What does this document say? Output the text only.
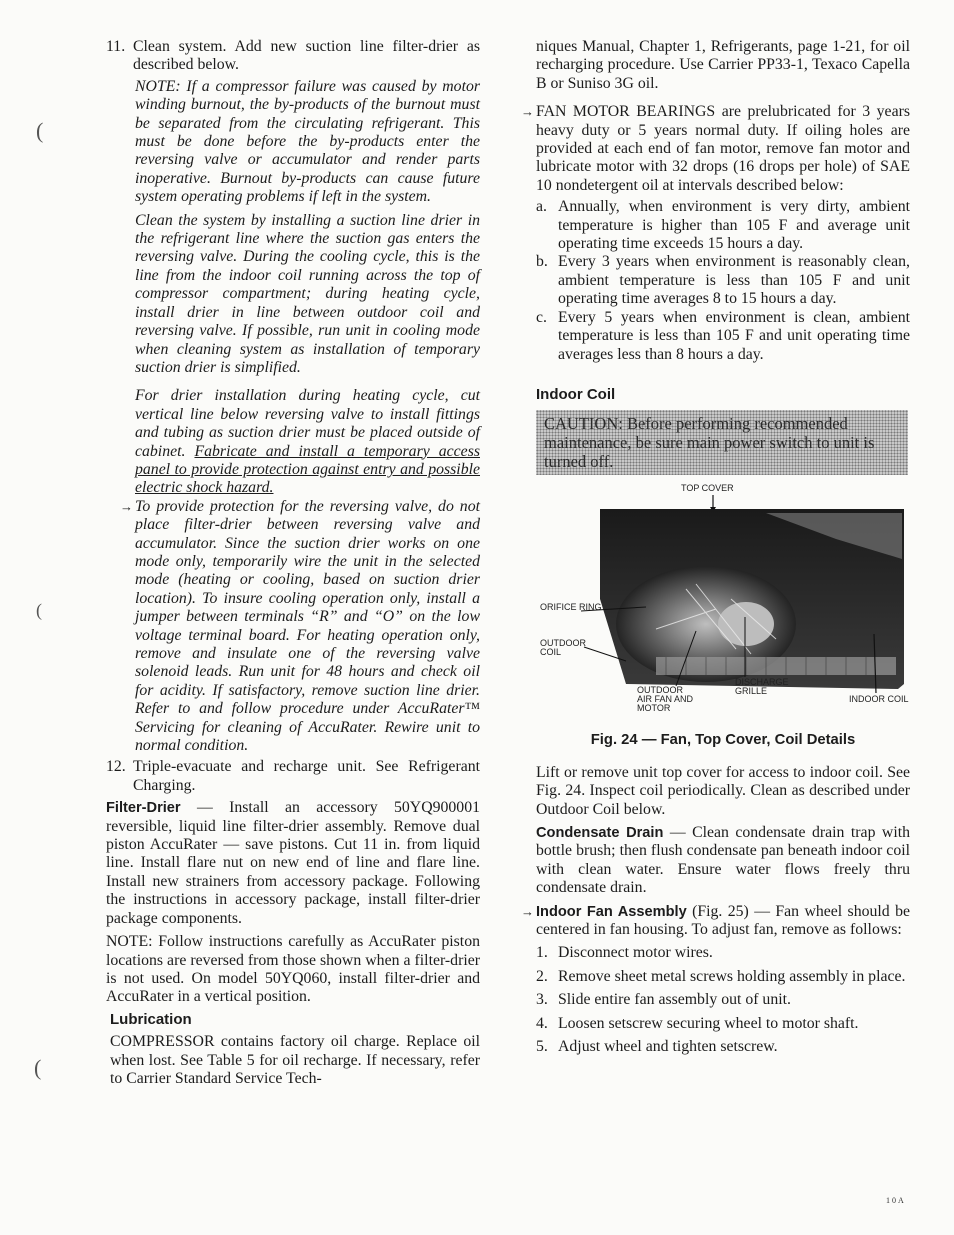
(
(
(
11. Clean system. Add new suction line filter-drier as described below.

NOTE: If a compressor failure was caused by motor winding burnout, the by-products of the burnout must be separated from the circulating refrigerant. This must be done before the by-products enter the reversing valve or accumulator and render parts inoperative. Burnout by-products can cause future system operating problems if left in the system.

Clean the system by installing a suction line drier in the refrigerant line where the suction gas enters the reversing valve. During the cooling cycle, this is the line from the indoor coil running across the top of compressor compartment; during heating cycle, install drier in line between outdoor coil and reversing valve. If possible, run unit in cooling mode when cleaning system as installation of temporary suction drier is simplified.

For drier installation during heating cycle, cut vertical line below reversing valve to install fittings and tubing as suction drier must be placed outside of cabinet. Fabricate and install a temporary access panel to provide protection against entry and possible electric shock hazard.

→ To provide protection for the reversing valve, do not place filter-drier between reversing valve and accumulator. Since the suction drier works on one mode only, temporarily wire the unit in the selected mode (heating or cooling, based on suction drier location). To insure cooling operation only, install a jumper between terminals “R” and “O” on the low voltage terminal board. For heating operation only, remove and insulate one of the reversing valve solenoid leads. Run unit for 48 hours and check oil for acidity. If satisfactory, remove suction line drier. Refer to and follow procedure under AccuRater™ Servicing for cleaning of AccuRater. Rewire unit to normal condition.

12. Triple-evacuate and recharge unit. See Refrigerant Charging.

Filter-Drier — Install an accessory 50YQ900001 reversible, liquid line filter-drier assembly. Remove dual piston AccuRater — save pistons. Cut 11 in. from liquid line. Install flare nut on new end of line and flare line. Install new strainers from accessory package. Following the instructions in accessory package, install filter-drier package components.

NOTE: Follow instructions carefully as AccuRater piston locations are reversed from those shown when a filter-drier is not used. On model 50YQ060, install filter-drier and AccuRater in a vertical position.

Lubrication

COMPRESSOR contains factory oil charge. Replace oil when lost. See Table 5 for oil recharge. If necessary, refer to Carrier Standard Service Tech-

niques Manual, Chapter 1, Refrigerants, page 1-21, for oil recharging procedure. Use Carrier PP33-1, Texaco Capella B or Suniso 3G oil.

→ FAN MOTOR BEARINGS are prelubricated for 3 years heavy duty or 5 years normal duty. If oiling holes are provided at each end of fan motor, remove fan motor and lubricate motor with 32 drops (16 drops per hole) of SAE 10 nondetergent oil at intervals described below:

a. Annually, when environment is very dirty, ambient temperature is higher than 105 F and average unit operating time exceeds 15 hours a day.
b. Every 3 years when environment is reasonably clean, ambient temperature is less than 105 F and unit operating time averages 8 to 15 hours a day.
c. Every 5 years when environment is clean, ambient temperature is less than 105 F and unit operating time averages less than 8 hours a day.

Indoor Coil

CAUTION: Before performing recommended maintenance, be sure main power switch to unit is turned off.
TOP COVER
ORIFICE RING
OUTDOOR COIL
OUTDOOR AIR FAN AND MOTOR
DISCHARGE GRILLE
INDOOR COIL

Fig. 24 — Fan, Top Cover, Coil Details

Lift or remove unit top cover for access to indoor coil. See Fig. 24. Inspect coil periodically. Clean as described under Outdoor Coil below.

Condensate Drain — Clean condensate drain trap with bottle brush; then flush condensate pan beneath indoor coil with clean water. Ensure water flows freely thru condensate drain.

→ Indoor Fan Assembly (Fig. 25) — Fan wheel should be centered in fan housing. To adjust fan, remove as follows:

1. Disconnect motor wires.
2. Remove sheet metal screws holding assembly in place.
3. Slide entire fan assembly out of unit.
4. Loosen setscrew securing wheel to motor shaft.
5. Adjust wheel and tighten setscrew.
10A
